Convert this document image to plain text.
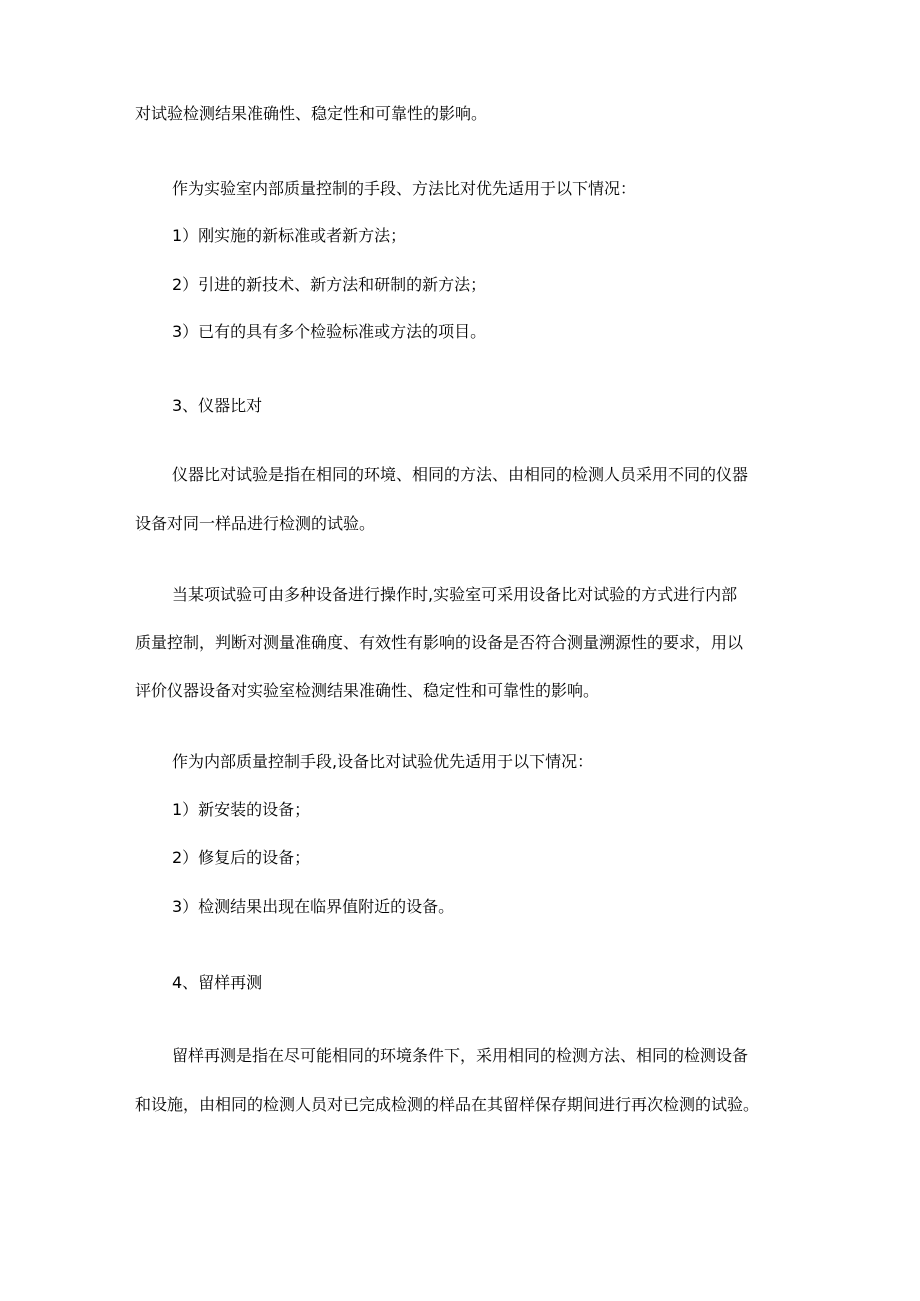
对试验检测结果准确性、稳定性和可靠性的影响。
作为实验室内部质量控制的手段、方法比对优先适用于以下情况：
1）刚实施的新标准或者新方法；
2）引进的新技术、新方法和研制的新方法；
3）已有的具有多个检验标准或方法的项目。
3、仪器比对
仪器比对试验是指在相同的环境、相同的方法、由相同的检测人员采用不同的仪器
设备对同一样品进行检测的试验。
当某项试验可由多种设备进行操作时,实验室可采用设备比对试验的方式进行内部
质量控制，判断对测量准确度、有效性有影响的设备是否符合测量溯源性的要求，用以
评价仪器设备对实验室检测结果准确性、稳定性和可靠性的影响。
作为内部质量控制手段,设备比对试验优先适用于以下情况：
1）新安装的设备；
2）修复后的设备；
3）检测结果出现在临界值附近的设备。
4、留样再测
留样再测是指在尽可能相同的环境条件下，采用相同的检测方法、相同的检测设备
和设施，由相同的检测人员对已完成检测的样品在其留样保存期间进行再次检测的试验。
